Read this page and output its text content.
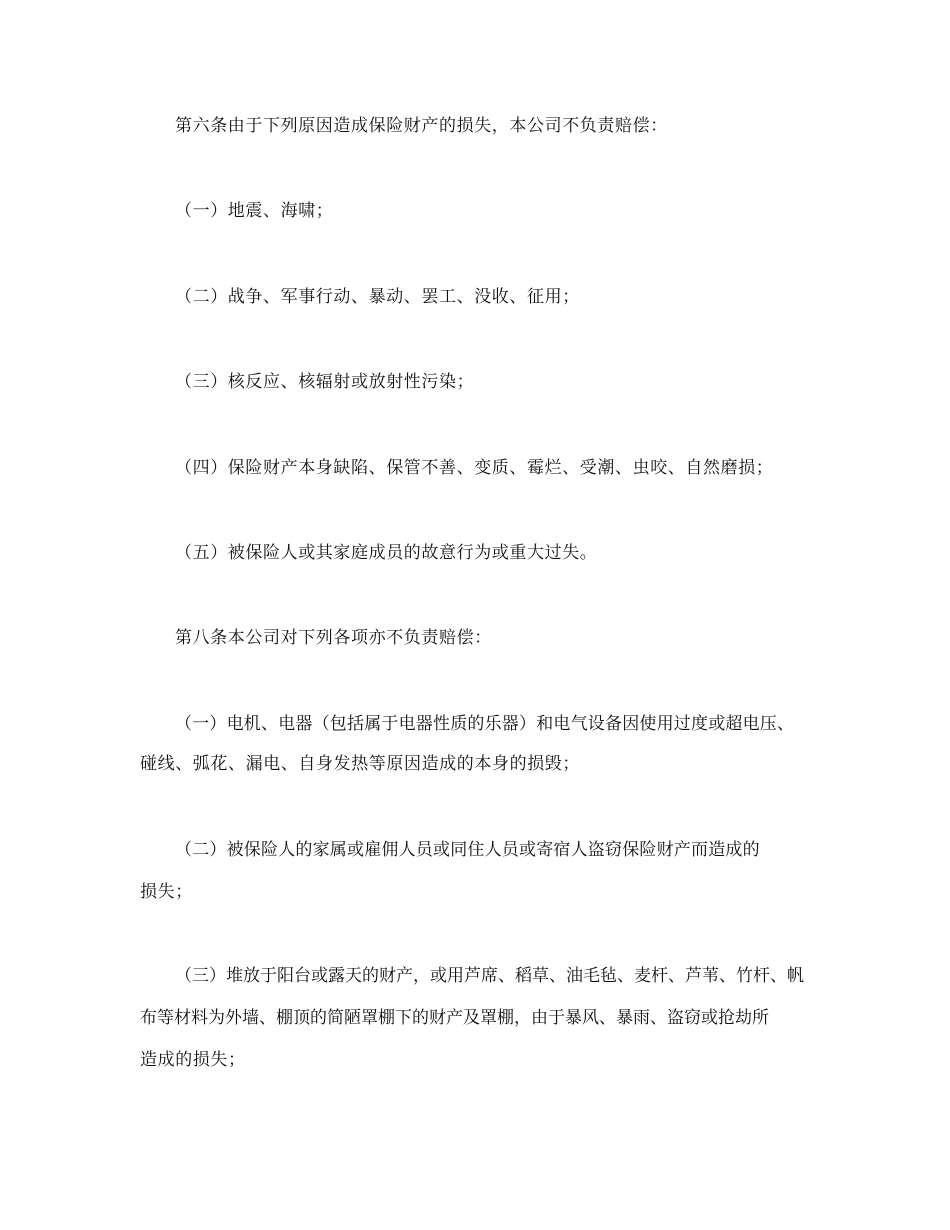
第六条由于下列原因造成保险财产的损失，本公司不负责赔偿：
（一）地震、海啸；
（二）战争、军事行动、暴动、罢工、没收、征用；
（三）核反应、核辐射或放射性污染；
（四）保险财产本身缺陷、保管不善、变质、霉烂、受潮、虫咬、自然磨损；
（五）被保险人或其家庭成员的故意行为或重大过失。
第八条本公司对下列各项亦不负责赔偿：
（一）电机、电器（包括属于电器性质的乐器）和电气设备因使用过度或超电压、
碰线、弧花、漏电、自身发热等原因造成的本身的损毁；
（二）被保险人的家属或雇佣人员或同住人员或寄宿人盗窃保险财产而造成的
损失；
（三）堆放于阳台或露天的财产，或用芦席、稻草、油毛毡、麦杆、芦苇、竹杆、帆
布等材料为外墙、棚顶的简陋罩棚下的财产及罩棚，由于暴风、暴雨、盗窃或抢劫所
造成的损失；
